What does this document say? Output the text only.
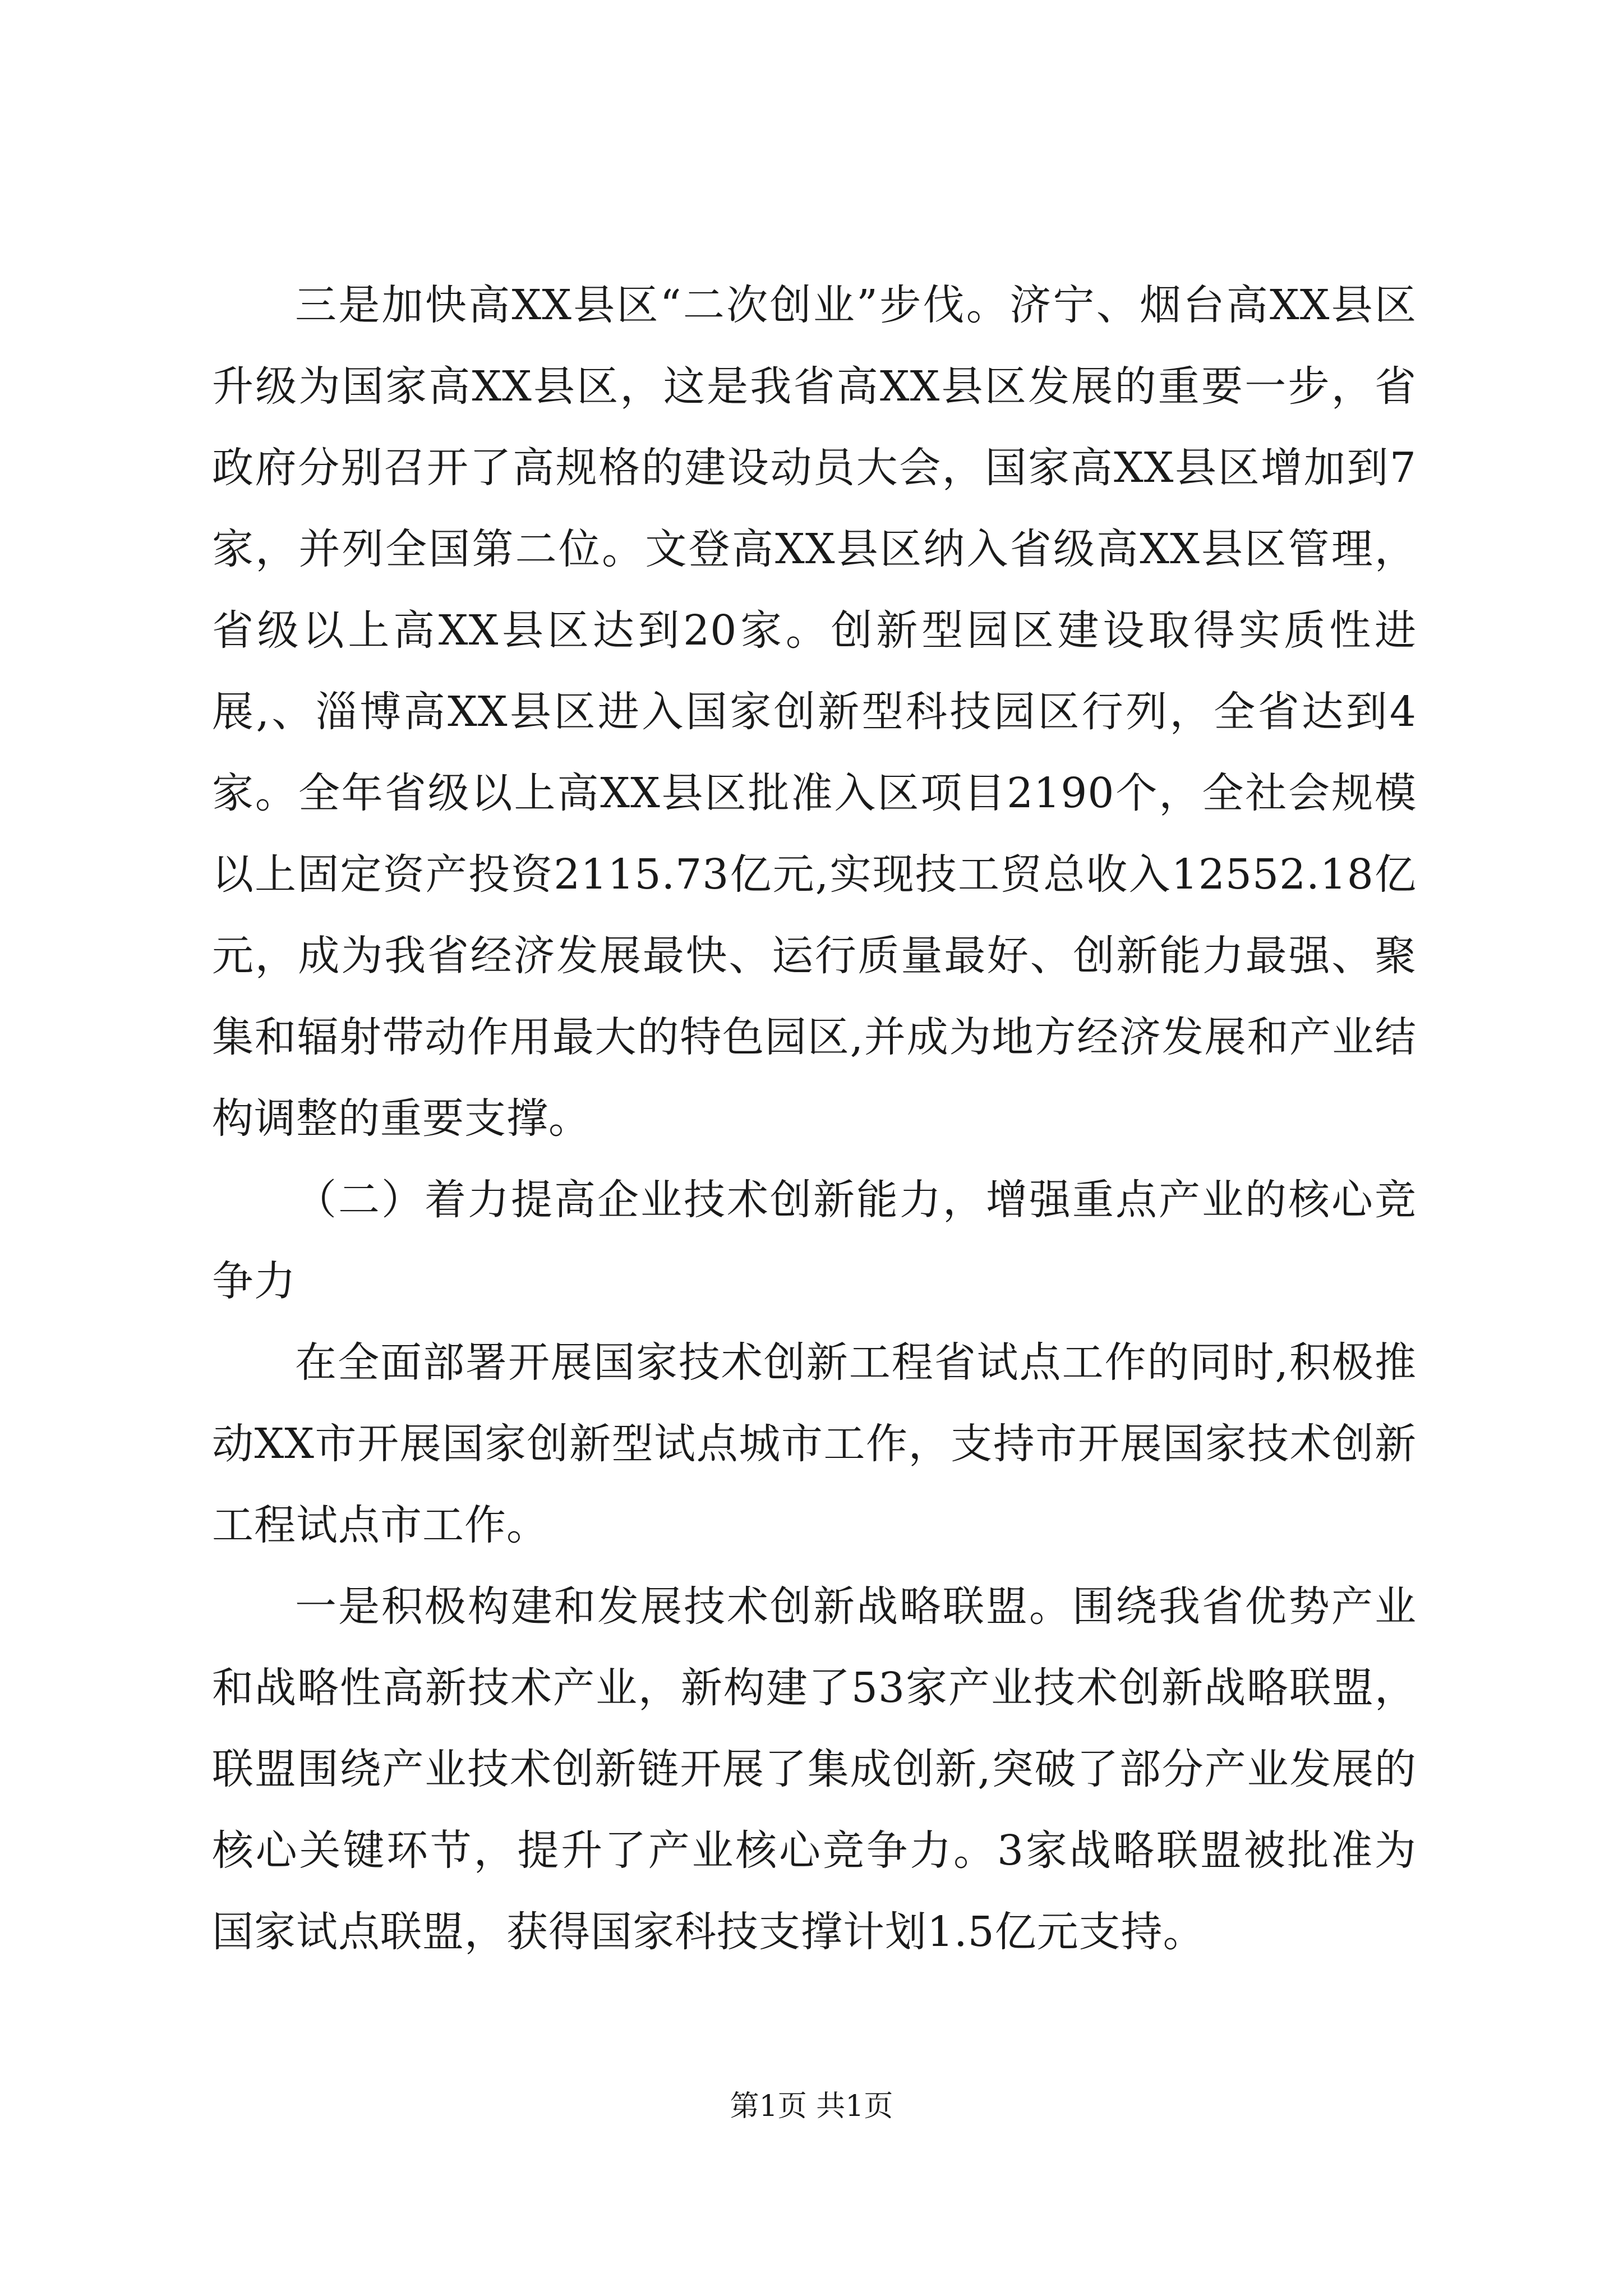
三是加快高XX县区“二次创业”步伐。济宁、烟台高XX县区升级为国家高XX县区，这是我省高XX县区发展的重要一步，省政府分别召开了高规格的建设动员大会，国家高XX县区增加到7家，并列全国第二位。文登高XX县区纳入省级高XX县区管理，省级以上高XX县区达到20家。创新型园区建设取得实质性进展,、淄博高XX县区进入国家创新型科技园区行列，全省达到4家。全年省级以上高XX县区批准入区项目2190个，全社会规模以上固定资产投资2115.73亿元,实现技工贸总收入12552.18亿元，成为我省经济发展最快、运行质量最好、创新能力最强、聚集和辐射带动作用最大的特色园区,并成为地方经济发展和产业结构调整的重要支撑。

（二）着力提高企业技术创新能力，增强重点产业的核心竞争力

在全面部署开展国家技术创新工程省试点工作的同时,积极推动XX市开展国家创新型试点城市工作，支持市开展国家技术创新工程试点市工作。

一是积极构建和发展技术创新战略联盟。围绕我省优势产业和战略性高新技术产业，新构建了53家产业技术创新战略联盟，联盟围绕产业技术创新链开展了集成创新,突破了部分产业发展的核心关键环节，提升了产业核心竞争力。3家战略联盟被批准为国家试点联盟，获得国家科技支撑计划1.5亿元支持。

第1页 共1页
